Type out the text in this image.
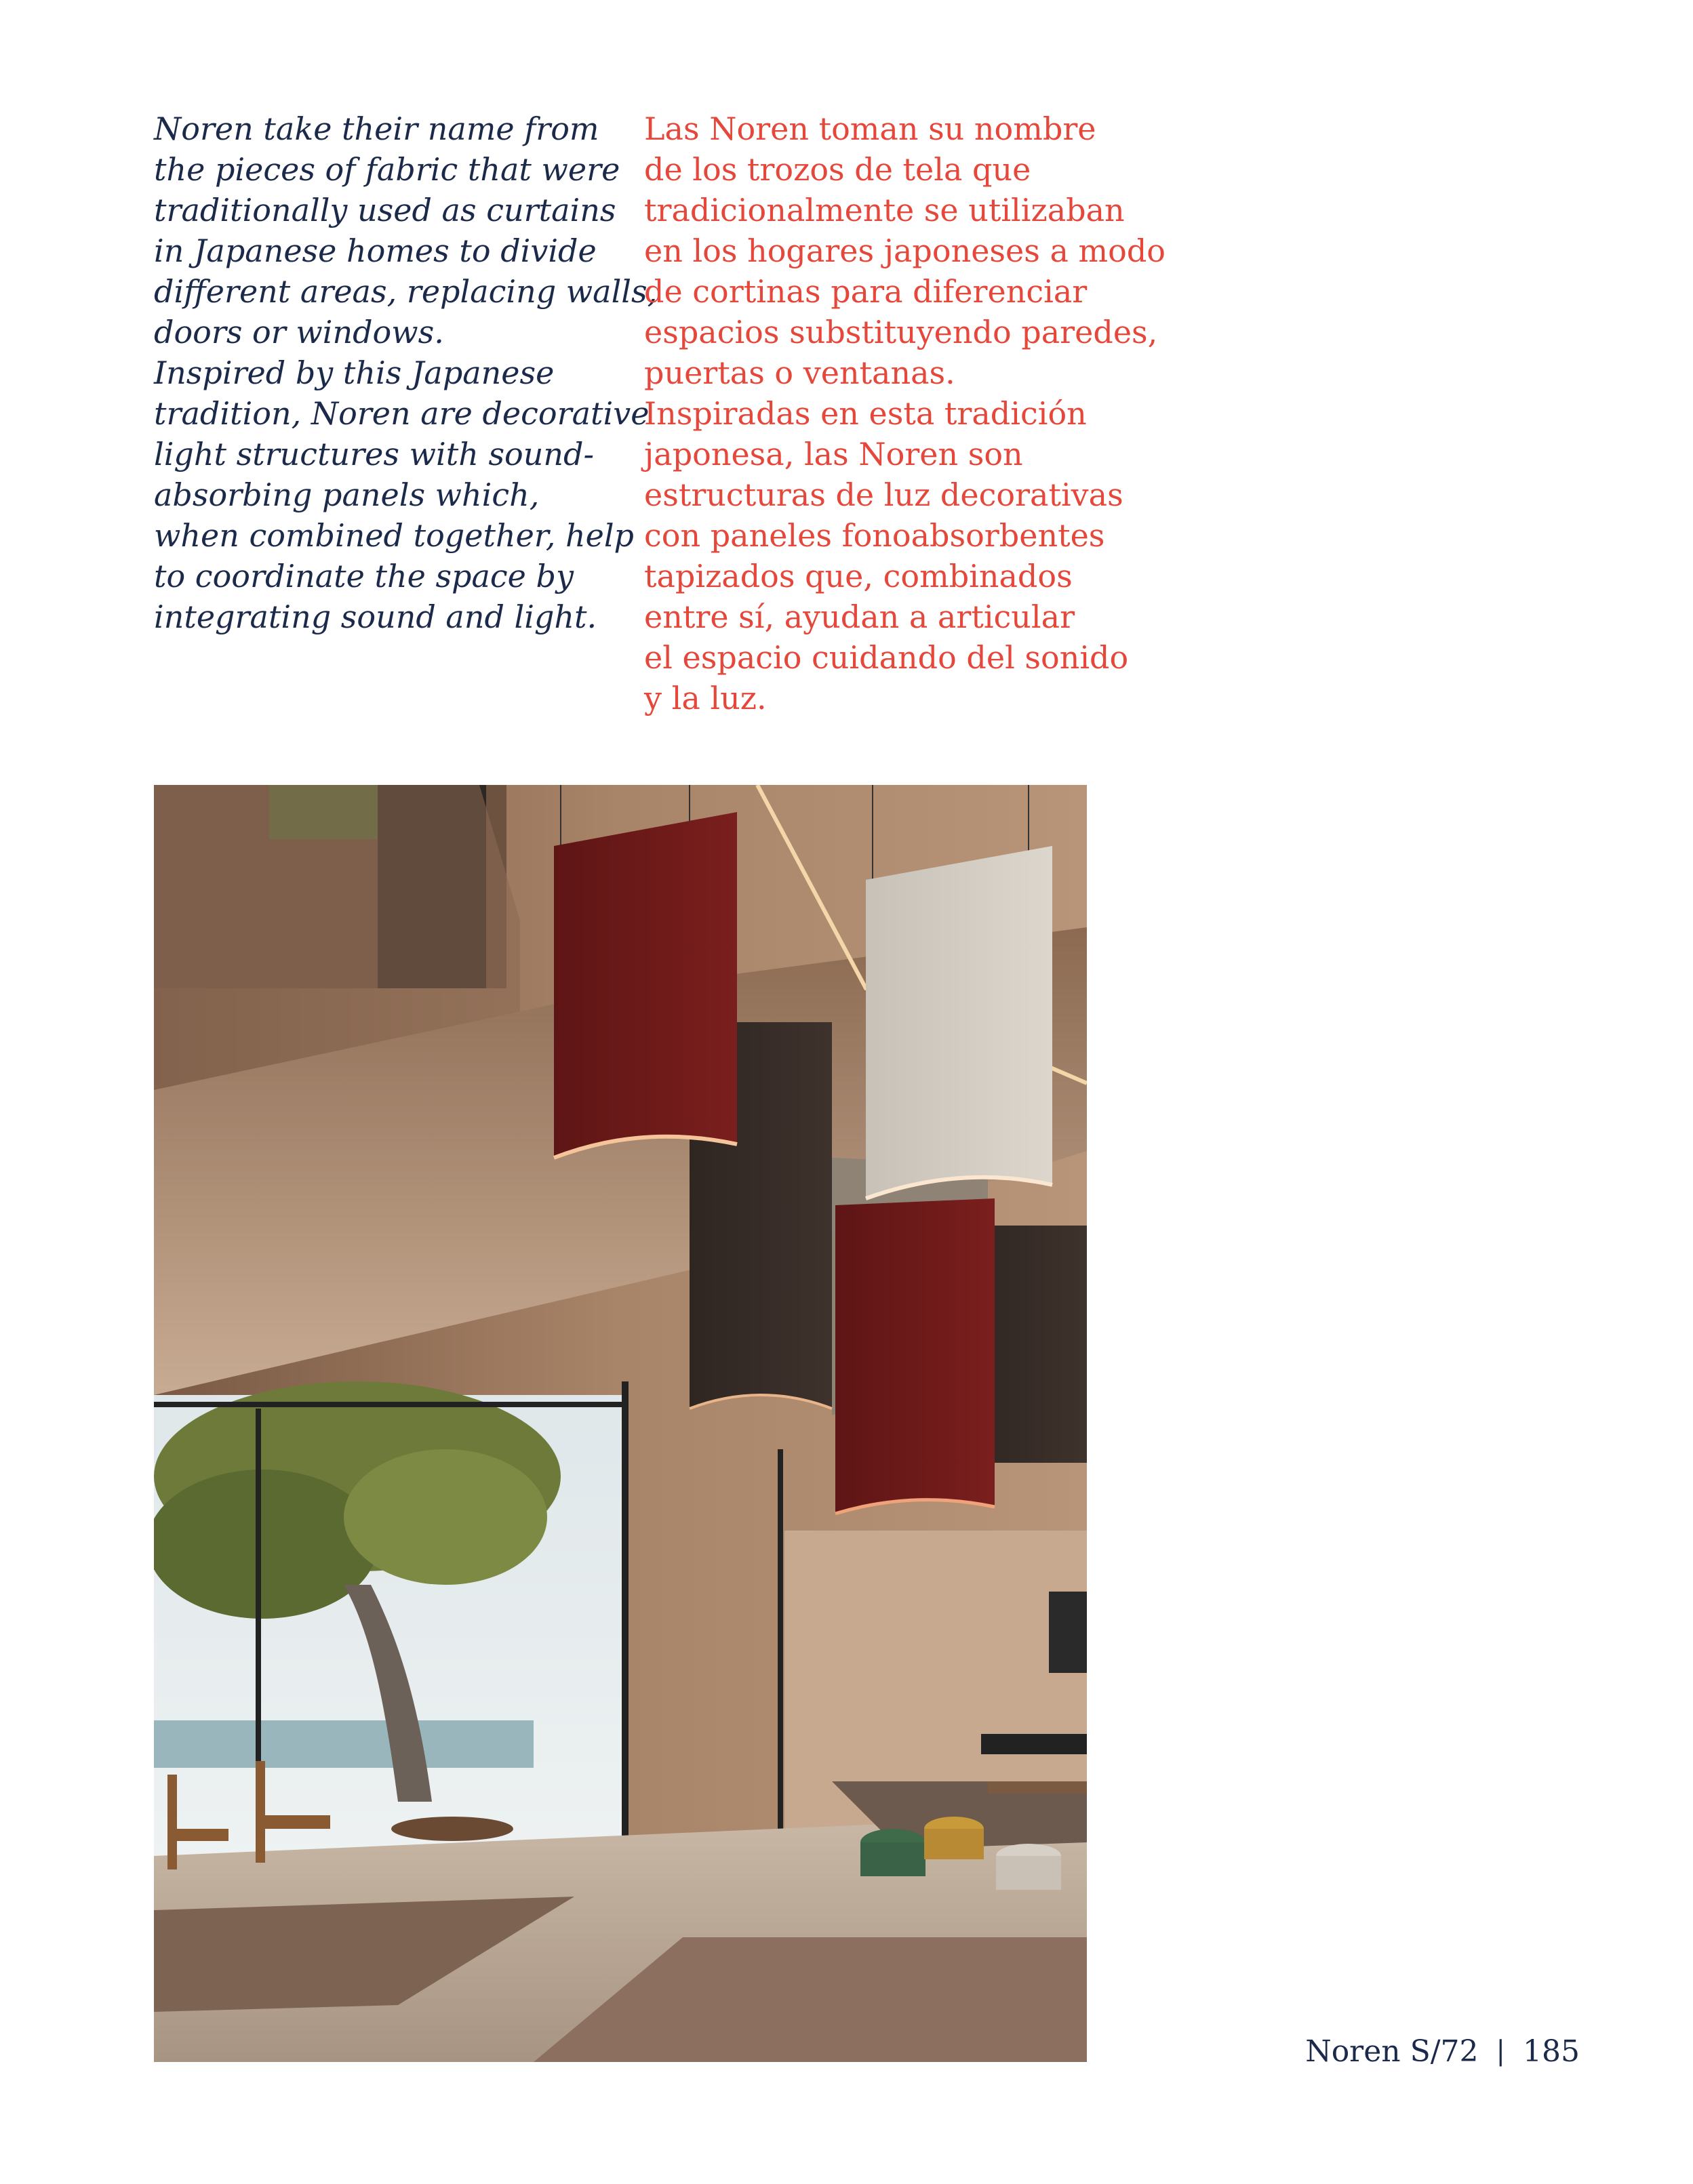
Noren take their name from

the pieces of fabric that were

traditionally used as curtains

in Japanese homes to divide

different areas, replacing walls,

doors or windows.

Inspired by this Japanese

tradition, Noren are decorative

light structures with sound-

absorbing panels which,

when combined together, help

to coordinate the space by

integrating sound and light.

Las Noren toman su nombre

de los trozos de tela que

tradicionalmente se utilizaban

en los hogares japoneses a modo

de cortinas para diferenciar

espacios substituyendo paredes,

puertas o ventanas.

Inspiradas en esta tradición

japonesa, las Noren son

estructuras de luz decorativas

con paneles fonoabsorbentes

tapizados que, combinados

entre sí, ayudan a articular

el espacio cuidando del sonido

y la luz.

Noren S/72 | 185
